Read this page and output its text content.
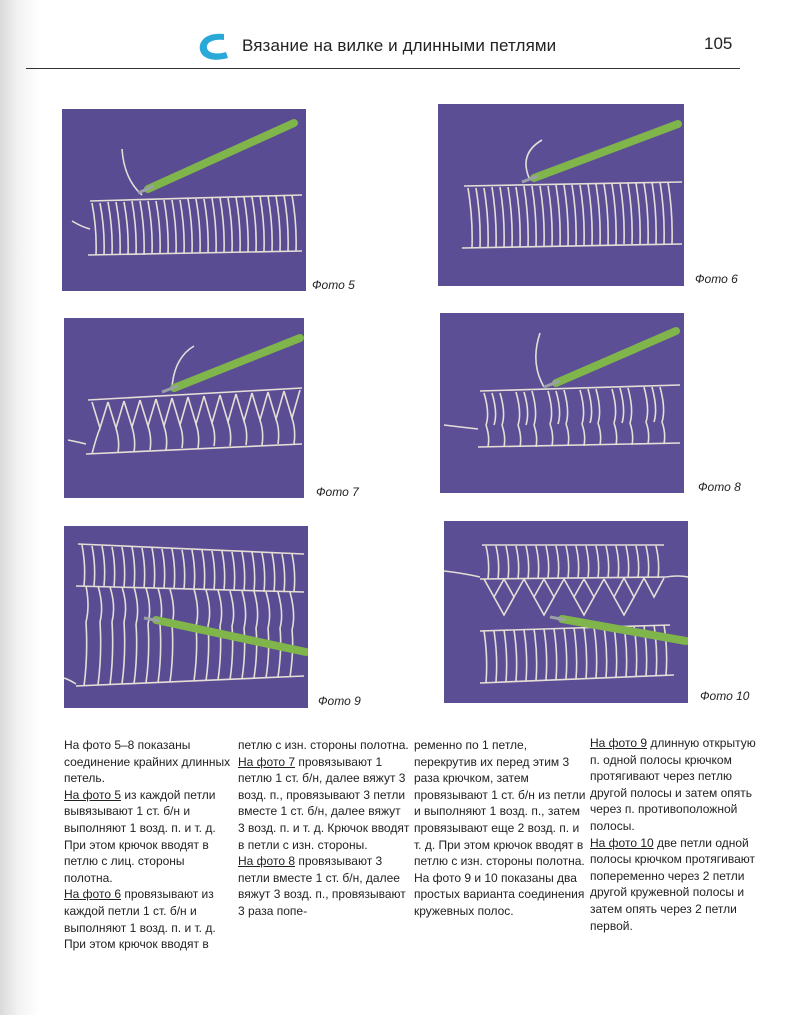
Вязание на вилке и длинными петлями	105
Фото 5	Фото 6
Фото 7	Фото 8
Фото 9	Фото 10

На фото 5–8 показаны соединение крайних длинных петель.
На фото 5 из каждой петли вывязывают 1 ст. б/н и выполняют 1 возд. п. и т. д. При этом крючок вводят в петлю с лиц. стороны полотна.
На фото 6 провязывают из каждой петли 1 ст. б/н и выполняют 1 возд. п. и т. д. При этом крючок вводят в

петлю с изн. стороны полотна.
На фото 7 провязывают 1 петлю 1 ст. б/н, далее вяжут 3 возд. п., провязывают 3 петли вместе 1 ст. б/н, далее вяжут 3 возд. п. и т. д. Крючок вводят в петли с изн. стороны.
На фото 8 провязывают 3 петли вместе 1 ст. б/н, далее вяжут 3 возд. п., провязывают 3 раза попе-

ременно по 1 петле, перекрутив их перед этим 3 раза крючком, затем провязывают 1 ст. б/н из петли и выполняют 1 возд. п., затем провязывают еще 2 возд. п. и т. д. При этом крючок вводят в петлю с изн. стороны полотна.
На фото 9 и 10 показаны два простых варианта соединения кружевных полос.

На фото 9 длинную открытую п. одной полосы крючком протягивают через петлю другой полосы и затем опять через п. противоположной полосы.
На фото 10 две петли одной полосы крючком протягивают попеременно через 2 петли другой кружевной полосы и затем опять через 2 петли первой.
